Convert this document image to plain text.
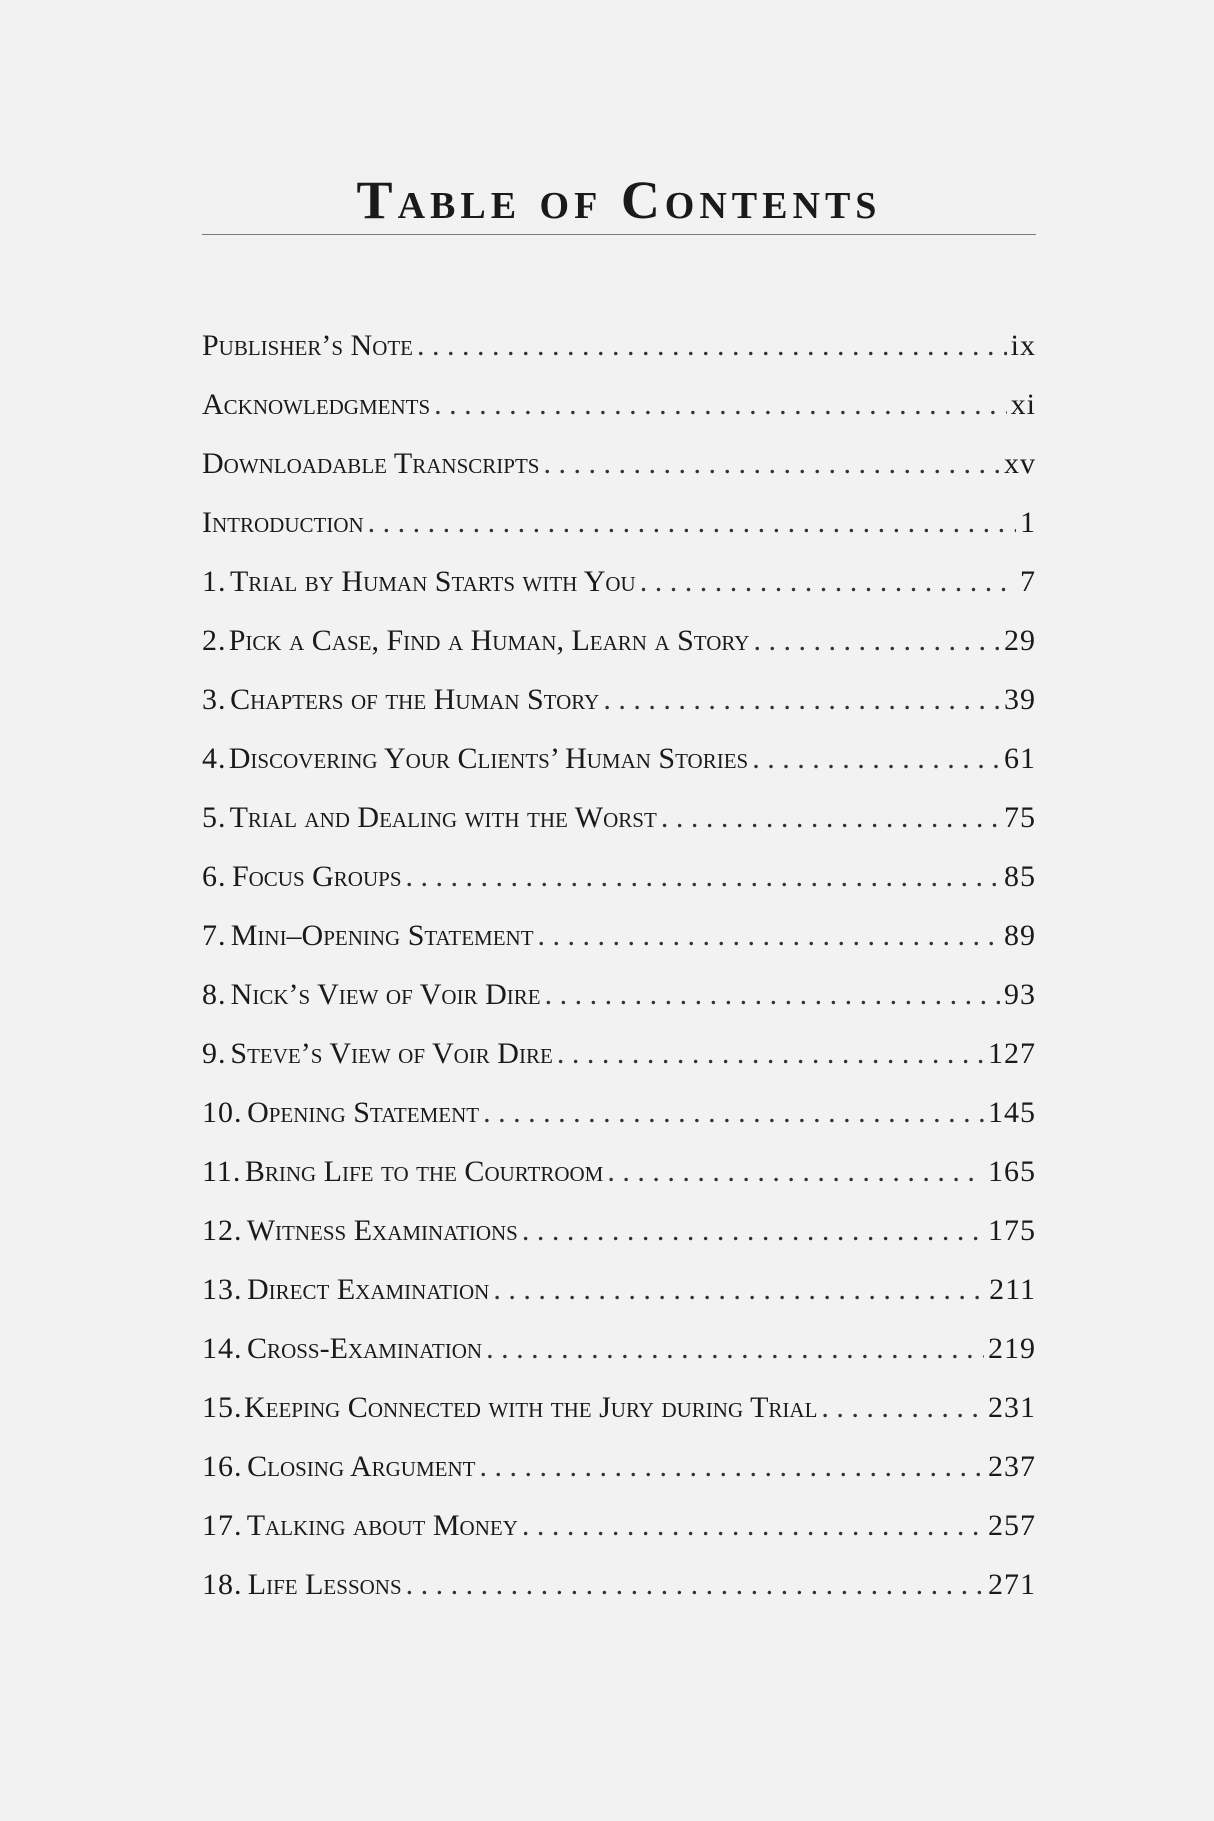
Table of Contents
Publisher’s Note . . .	ix
Acknowledgments . . .	xi
Downloadable Transcripts . . .	xv
Introduction . . .	1
1. Trial by Human Starts with You . . .	7
2. Pick a Case, Find a Human, Learn a Story . . .	29
3. Chapters of the Human Story . . .	39
4. Discovering Your Clients’ Human Stories . . .	61
5. Trial and Dealing with the Worst . . .	75
6. Focus Groups . . .	85
7. Mini–Opening Statement . . .	89
8. Nick’s View of Voir Dire . . .	93
9. Steve’s View of Voir Dire . . .	127
10. Opening Statement . . .	145
11. Bring Life to the Courtroom . . .	165
12. Witness Examinations . . .	175
13. Direct Examination . . .	211
14. Cross-Examination . . .	219
15. Keeping Connected with the Jury during Trial . . .	231
16. Closing Argument . . .	237
17. Talking about Money . . .	257
18. Life Lessons . . .	271
